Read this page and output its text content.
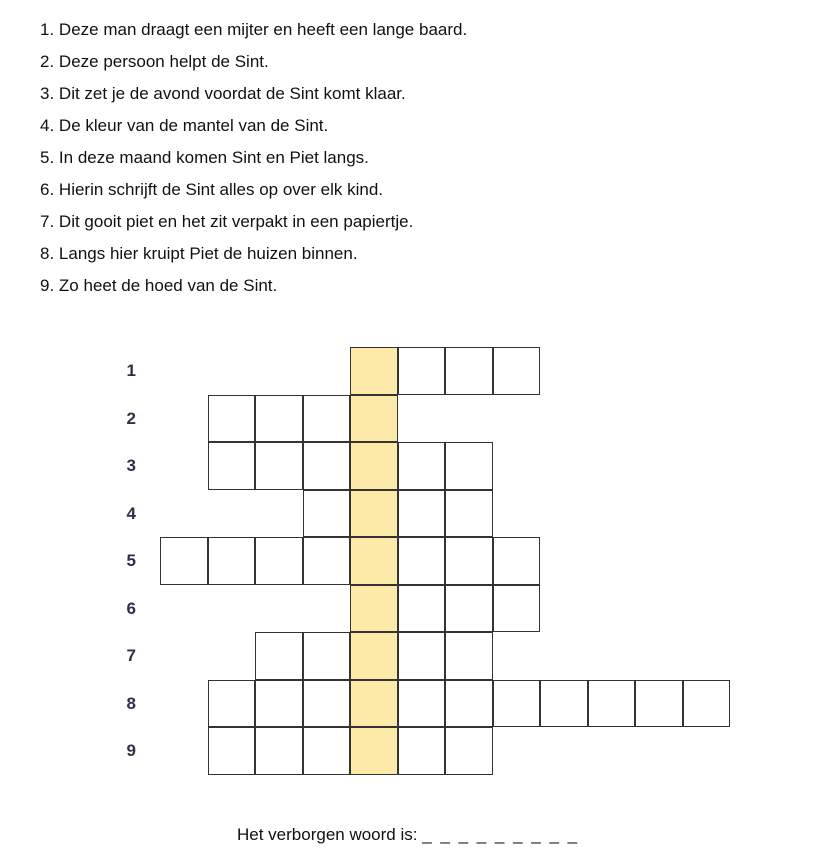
1. Deze man draagt een mijter en heeft een lange baard.
2. Deze persoon helpt de Sint.
3. Dit zet je de avond voordat de Sint komt klaar.
4. De kleur van de mantel van de Sint.
5. In deze maand komen Sint en Piet langs.
6. Hierin schrijft de Sint alles op over elk kind.
7. Dit gooit piet en het zit verpakt in een papiertje.
8. Langs hier kruipt Piet de huizen binnen.
9. Zo heet de hoed van de Sint.
1
2
3
4
5
6
7
8
9
Het verborgen woord is: _ _ _ _ _ _ _ _ _
